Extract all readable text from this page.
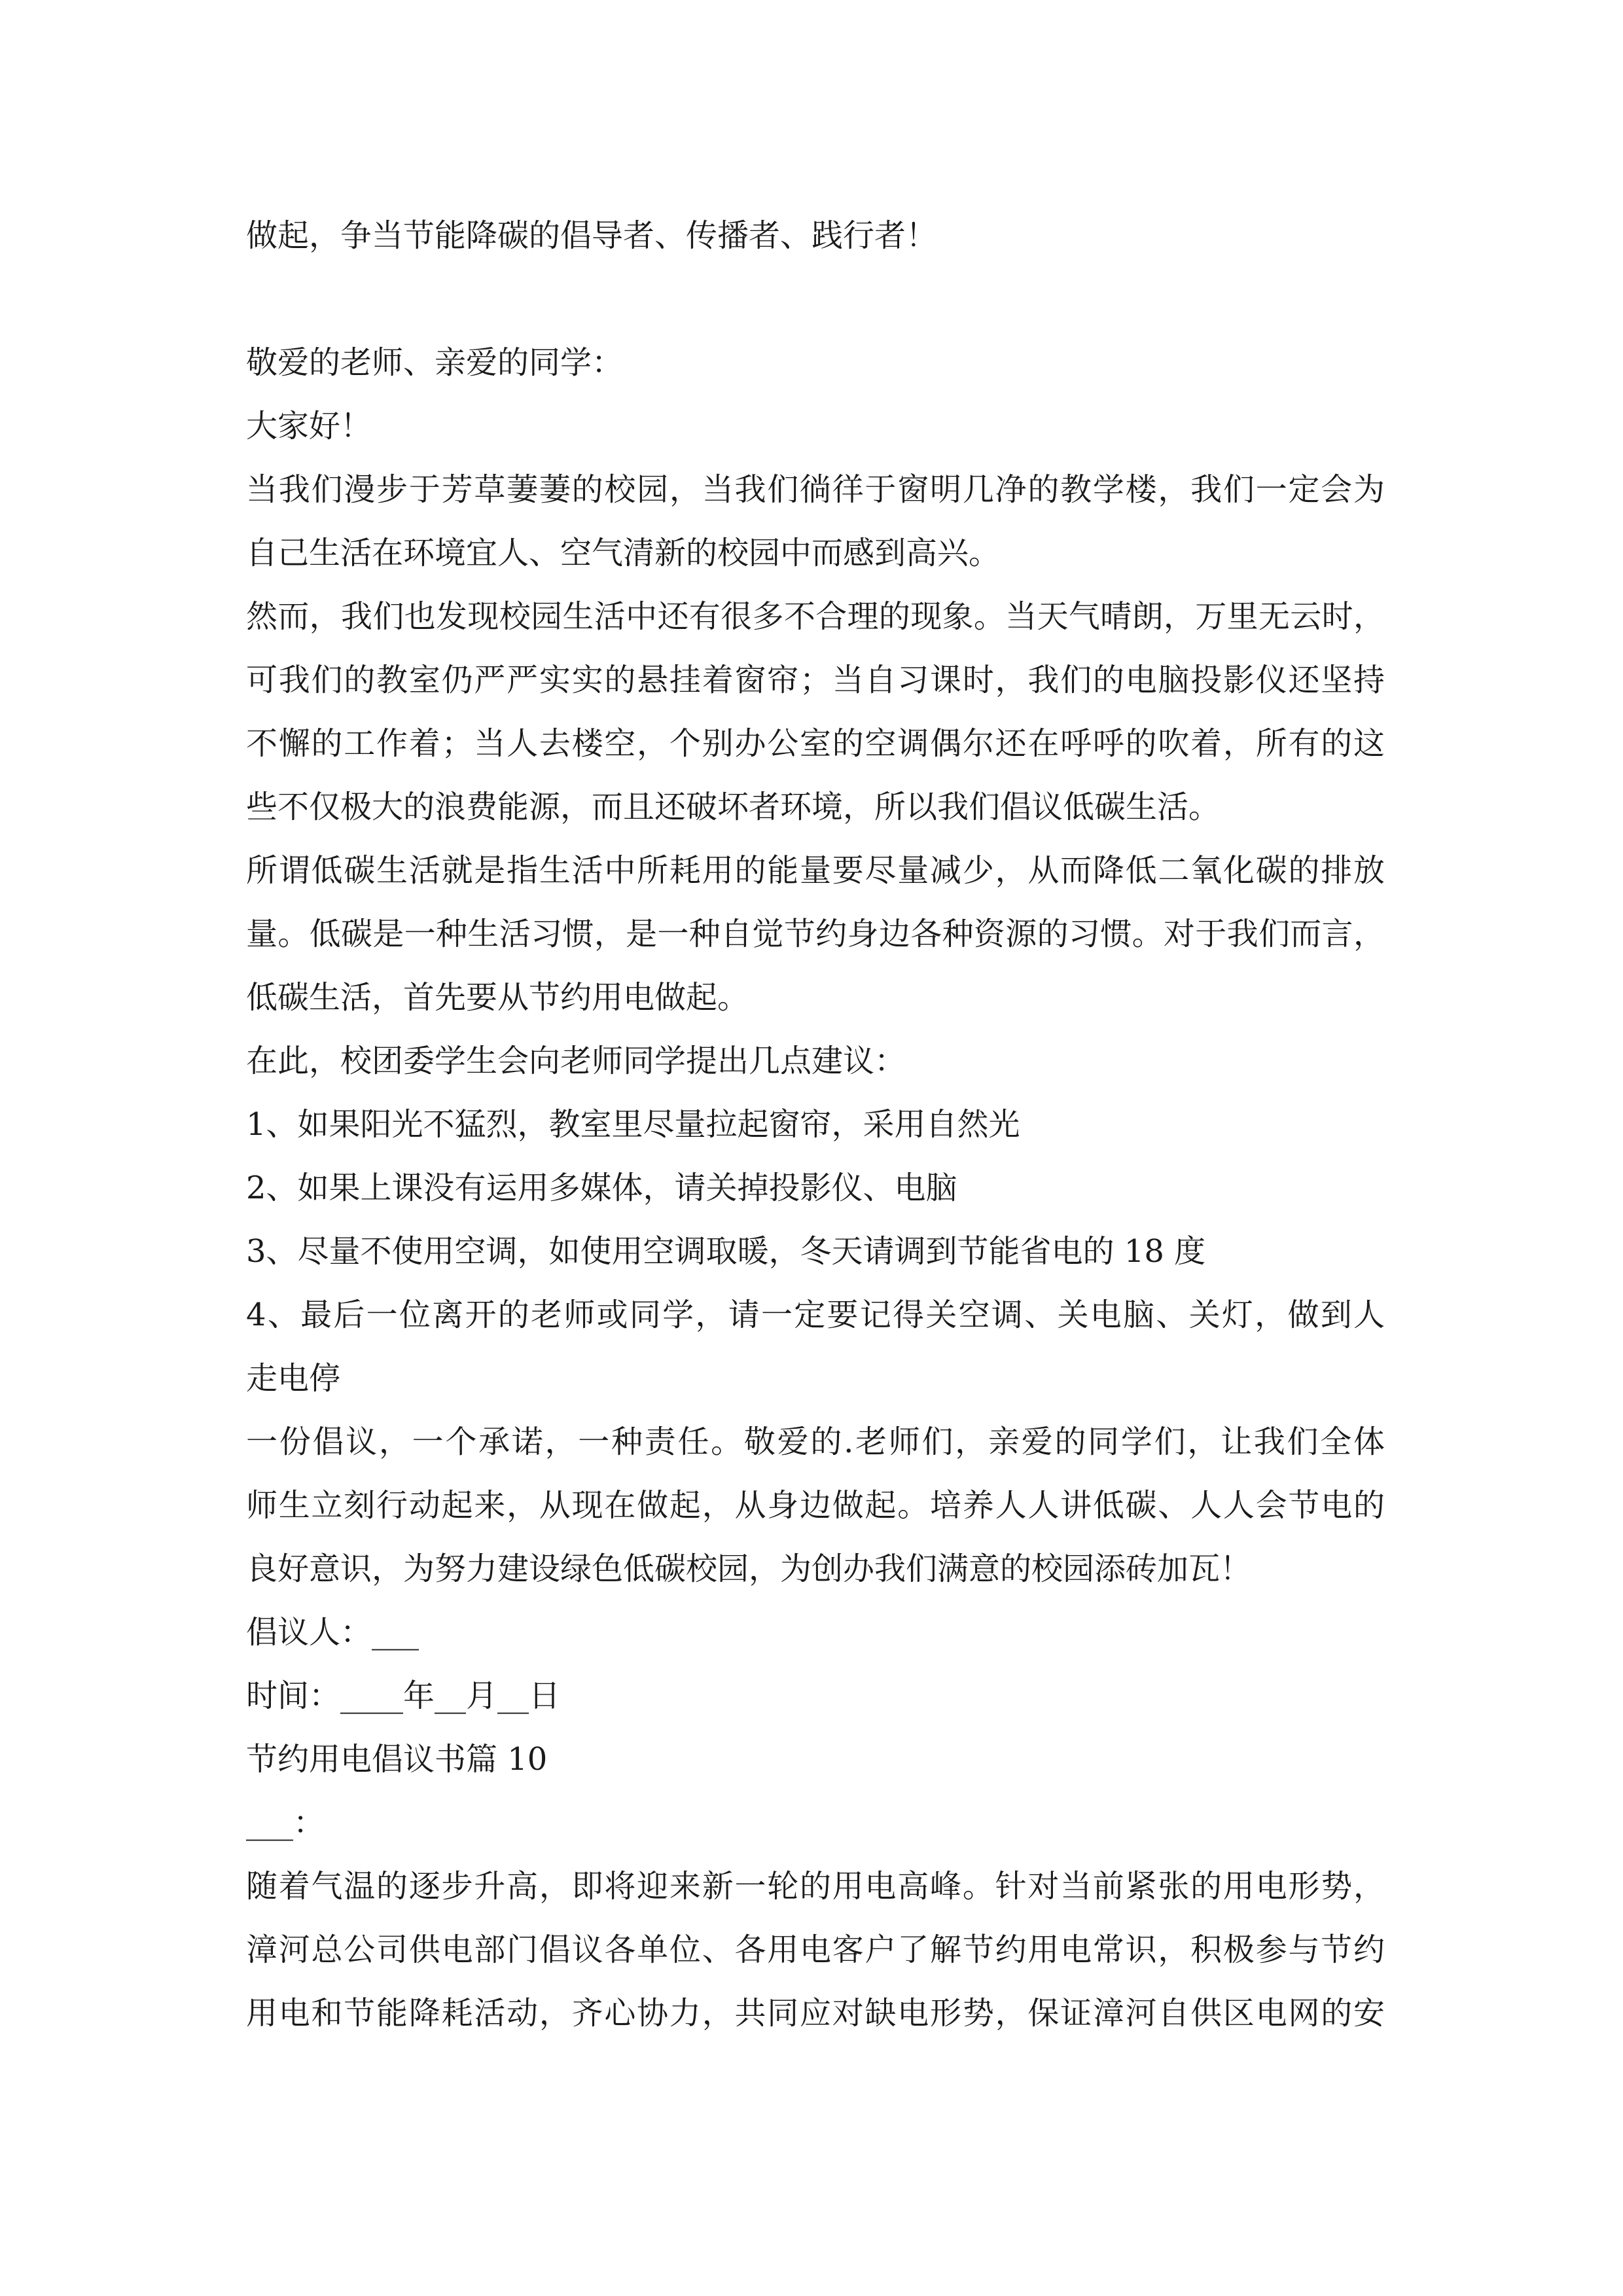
做起，争当节能降碳的倡导者、传播者、践行者！
敬爱的老师、亲爱的同学：
大家好！
当我们漫步于芳草萋萋的校园，当我们徜徉于窗明几净的教学楼，我们一定会为
自己生活在环境宜人、空气清新的校园中而感到高兴。
然而，我们也发现校园生活中还有很多不合理的现象。当天气晴朗，万里无云时，
可我们的教室仍严严实实的悬挂着窗帘；当自习课时，我们的电脑投影仪还坚持
不懈的工作着；当人去楼空，个别办公室的空调偶尔还在呼呼的吹着，所有的这
些不仅极大的浪费能源，而且还破坏者环境，所以我们倡议低碳生活。
所谓低碳生活就是指生活中所耗用的能量要尽量减少，从而降低二氧化碳的排放
量。低碳是一种生活习惯，是一种自觉节约身边各种资源的习惯。对于我们而言，
低碳生活，首先要从节约用电做起。
在此，校团委学生会向老师同学提出几点建议：
1、如果阳光不猛烈，教室里尽量拉起窗帘，采用自然光
2、如果上课没有运用多媒体，请关掉投影仪、电脑
3、尽量不使用空调，如使用空调取暖，冬天请调到节能省电的 18 度
4、最后一位离开的老师或同学，请一定要记得关空调、关电脑、关灯，做到人
走电停
一份倡议，一个承诺，一种责任。敬爱的.老师们，亲爱的同学们，让我们全体
师生立刻行动起来，从现在做起，从身边做起。培养人人讲低碳、人人会节电的
良好意识，为努力建设绿色低碳校园，为创办我们满意的校园添砖加瓦！
倡议人：___
时间：____年__月__日
节约用电倡议书篇 10
___：
随着气温的逐步升高，即将迎来新一轮的用电高峰。针对当前紧张的用电形势，
漳河总公司供电部门倡议各单位、各用电客户了解节约用电常识，积极参与节约
用电和节能降耗活动，齐心协力，共同应对缺电形势，保证漳河自供区电网的安
